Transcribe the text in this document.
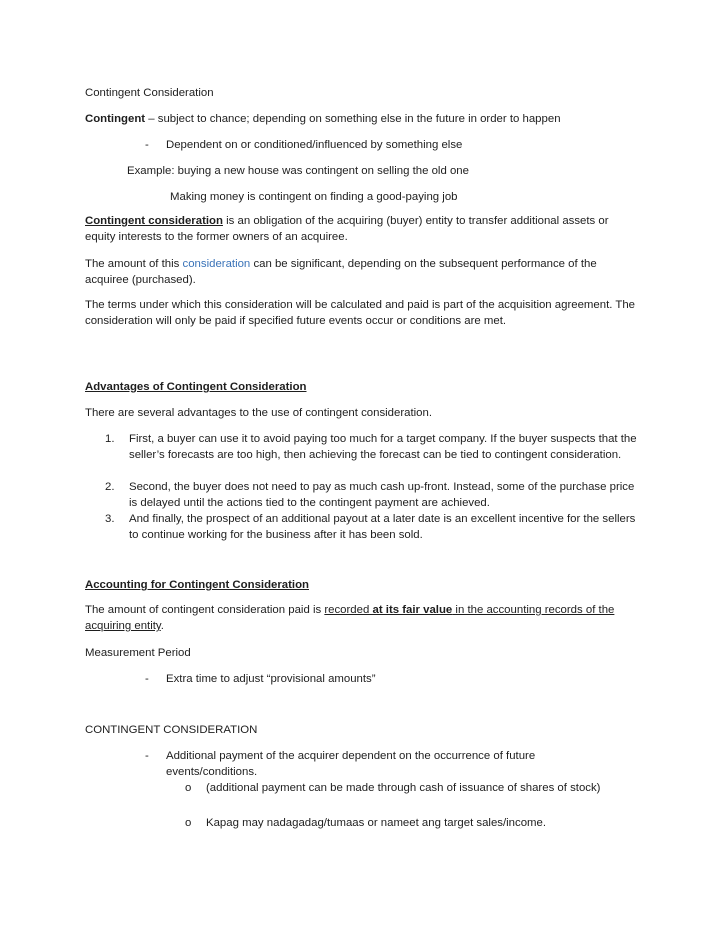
Contingent Consideration
Contingent – subject to chance; depending on something else in the future in order to happen
- Dependent on or conditioned/influenced by something else
Example: buying a new house was contingent on selling the old one
Making money is contingent on finding a good-paying job
Contingent consideration is an obligation of the acquiring (buyer) entity to transfer additional assets or equity interests to the former owners of an acquiree.
The amount of this consideration can be significant, depending on the subsequent performance of the acquiree (purchased).
The terms under which this consideration will be calculated and paid is part of the acquisition agreement. The consideration will only be paid if specified future events occur or conditions are met.
Advantages of Contingent Consideration
There are several advantages to the use of contingent consideration.
1. First, a buyer can use it to avoid paying too much for a target company. If the buyer suspects that the seller’s forecasts are too high, then achieving the forecast can be tied to contingent consideration.
2. Second, the buyer does not need to pay as much cash up-front. Instead, some of the purchase price is delayed until the actions tied to the contingent payment are achieved.
3. And finally, the prospect of an additional payout at a later date is an excellent incentive for the sellers to continue working for the business after it has been sold.
Accounting for Contingent Consideration
The amount of contingent consideration paid is recorded at its fair value in the accounting records of the acquiring entity.
Measurement Period
- Extra time to adjust “provisional amounts”
CONTINGENT CONSIDERATION
- Additional payment of the acquirer dependent on the occurrence of future events/conditions.
o (additional payment can be made through cash of issuance of shares of stock)
o Kapag may nadagadag/tumaas or nameet ang target sales/income.
